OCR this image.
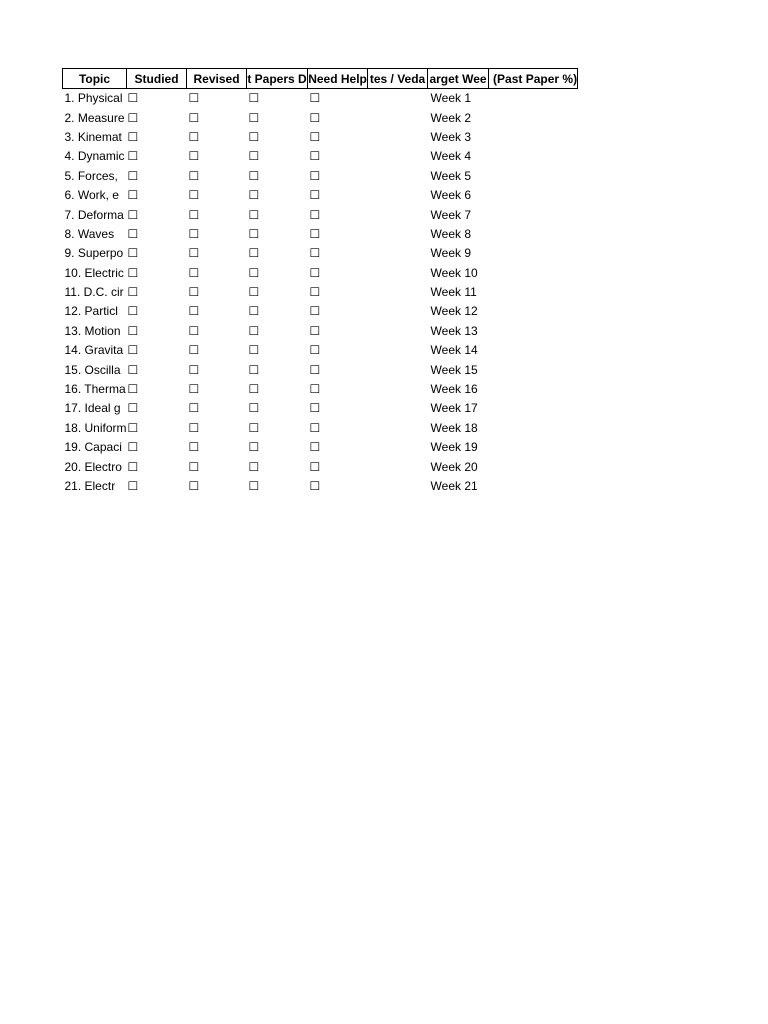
Topic	Studied	Revised	t Papers D	Need Help	tes / Veda	arget Wee	(Past Paper %)
1. Physical	☐	☐	☐	☐		Week 1	
2. Measure	☐	☐	☐	☐		Week 2	
3. Kinemat	☐	☐	☐	☐		Week 3	
4. Dynamic	☐	☐	☐	☐		Week 4	
5. Forces,	☐	☐	☐	☐		Week 5	
6. Work, e	☐	☐	☐	☐		Week 6	
7. Deforma	☐	☐	☐	☐		Week 7	
8. Waves	☐	☐	☐	☐		Week 8	
9. Superpo	☐	☐	☐	☐		Week 9	
10. Electric	☐	☐	☐	☐		Week 10	
11. D.C. cir	☐	☐	☐	☐		Week 11	
12. Particl	☐	☐	☐	☐		Week 12	
13. Motion	☐	☐	☐	☐		Week 13	
14. Gravita	☐	☐	☐	☐		Week 14	
15. Oscilla	☐	☐	☐	☐		Week 15	
16. Therma	☐	☐	☐	☐		Week 16	
17. Ideal g	☐	☐	☐	☐		Week 17	
18. Uniform	☐	☐	☐	☐		Week 18	
19. Capaci	☐	☐	☐	☐		Week 19	
20. Electro	☐	☐	☐	☐		Week 20	
21. Electr	☐	☐	☐	☐		Week 21	
